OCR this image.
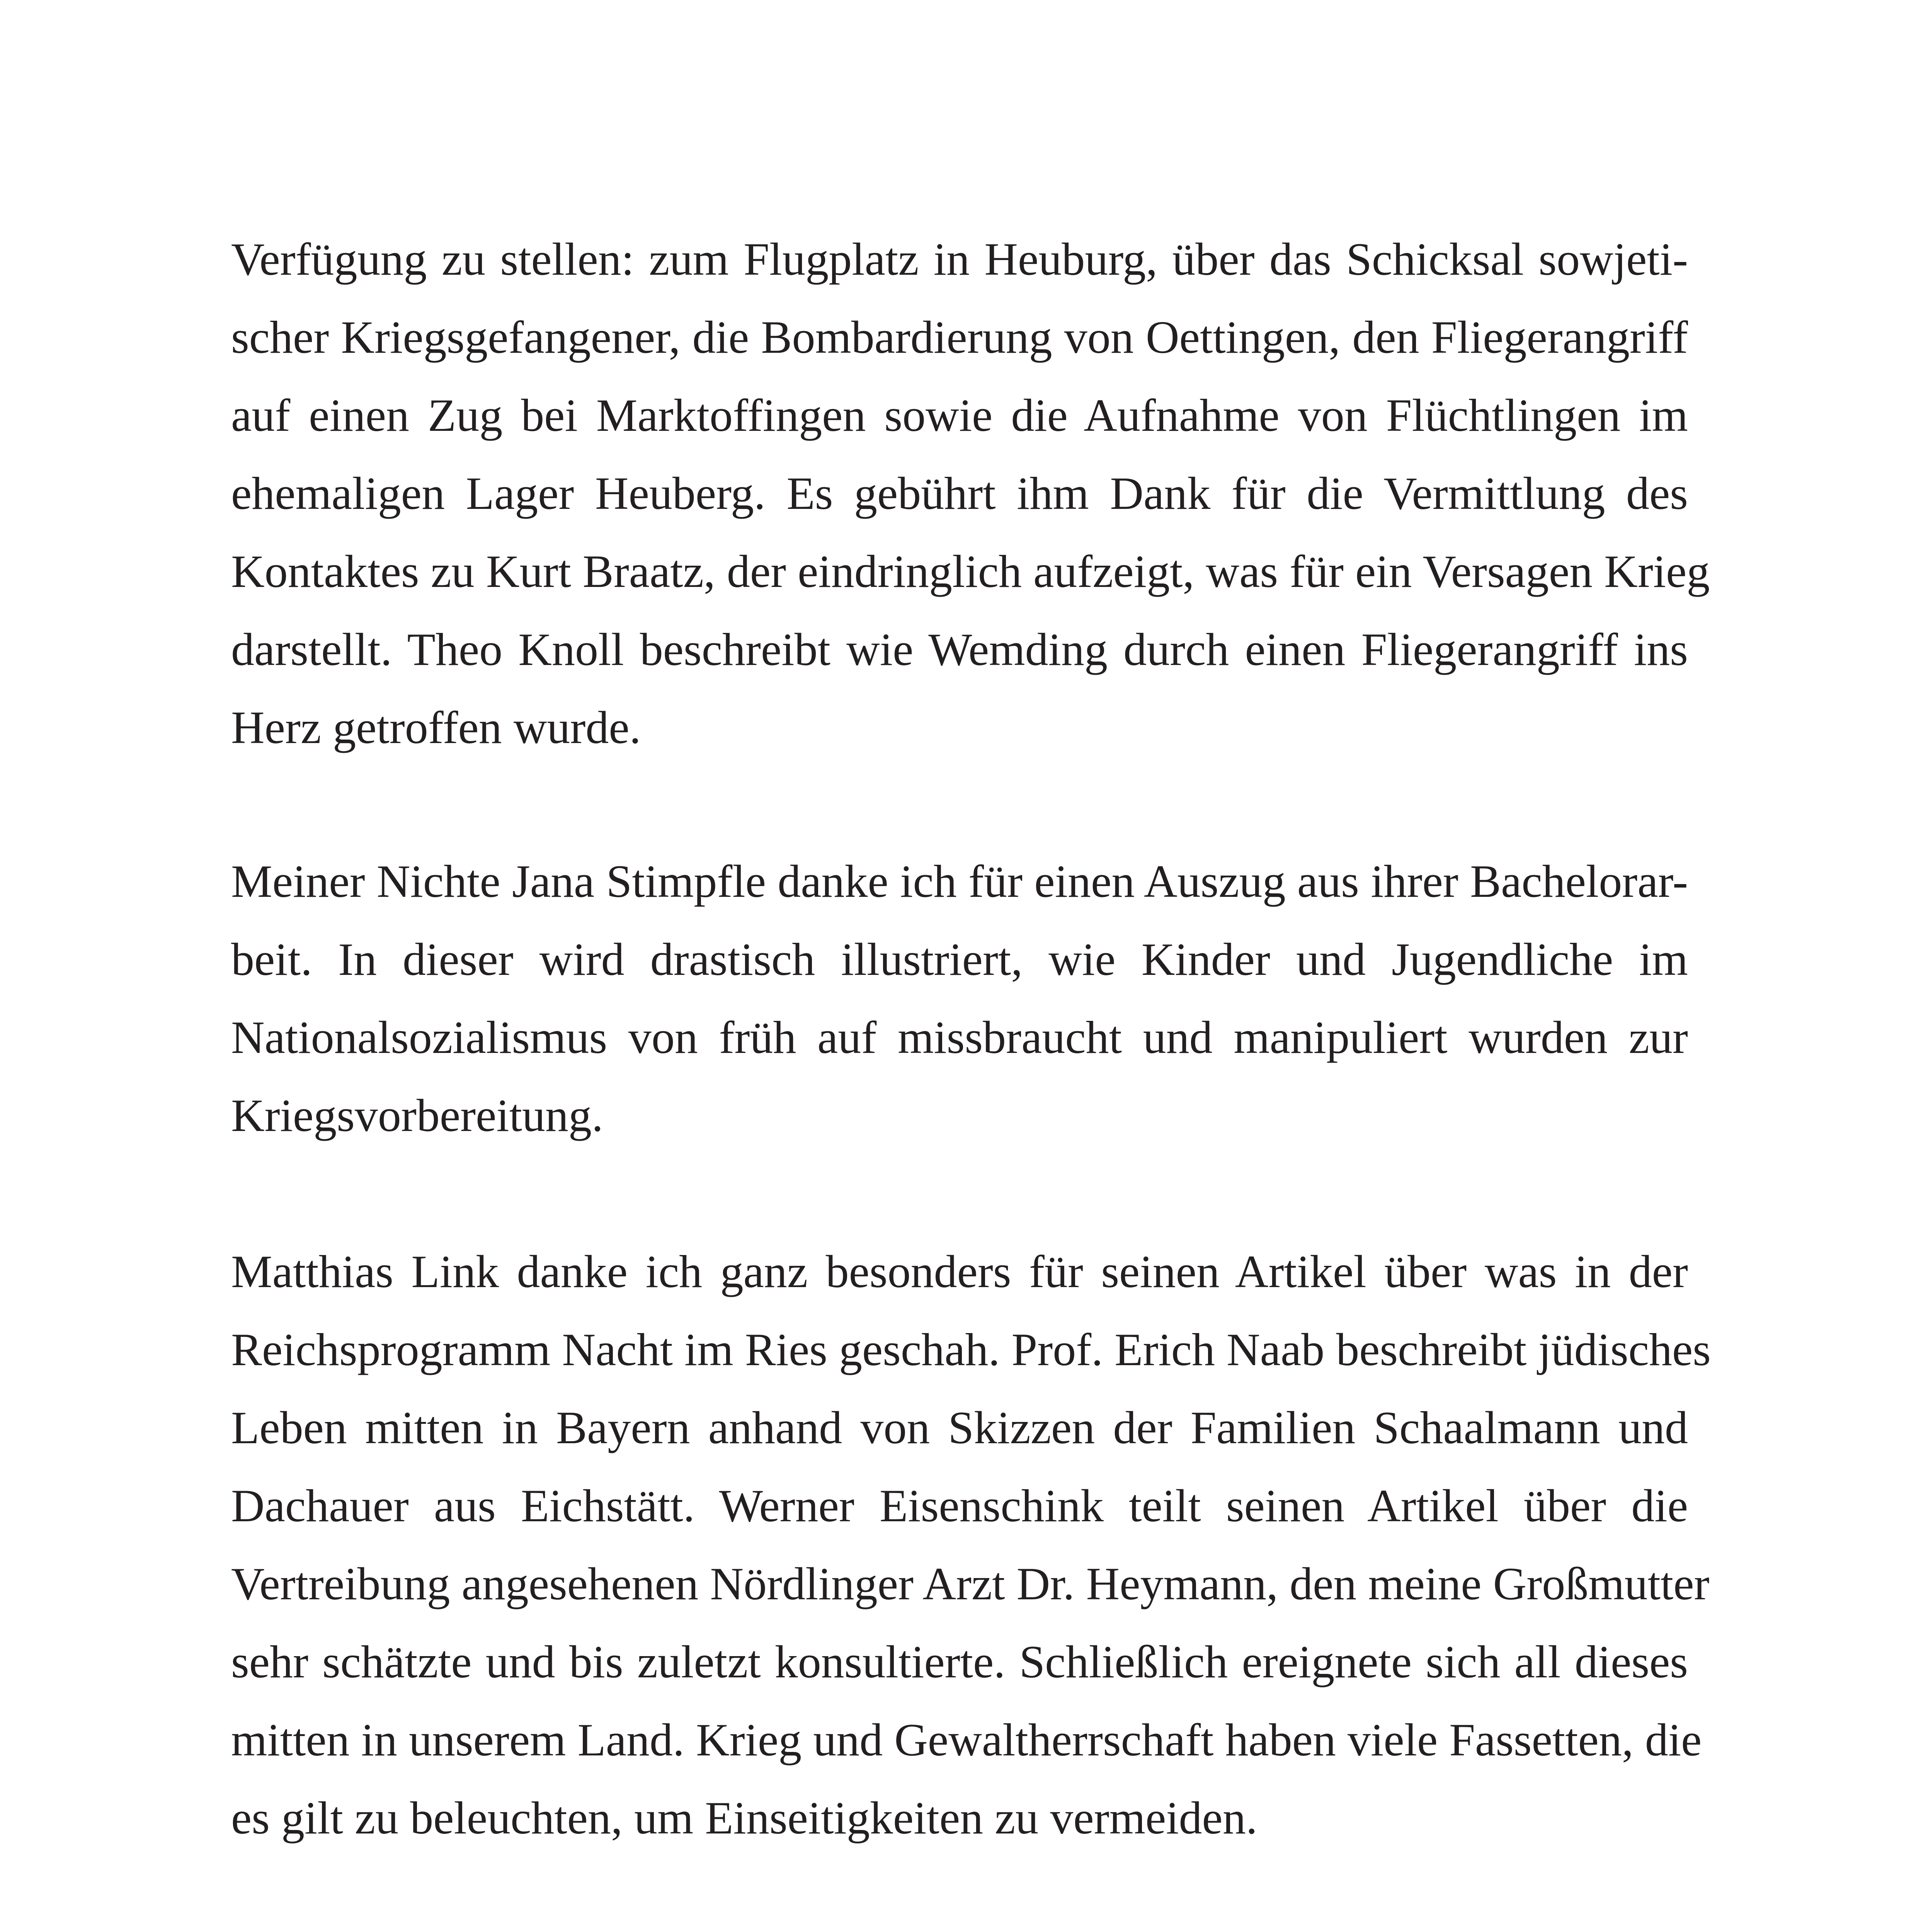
Verfügung zu stellen: zum Flugplatz in Heuburg, über das Schicksal sowjeti-
scher Kriegsgefangener, die Bombardierung von Oettingen, den Fliegerangriff
auf einen Zug bei Marktoffingen sowie die Aufnahme von Flüchtlingen im
ehemaligen Lager Heuberg. Es gebührt ihm Dank für die Vermittlung des
Kontaktes zu Kurt Braatz, der eindringlich aufzeigt, was für ein Versagen Krieg
darstellt. Theo Knoll beschreibt wie Wemding durch einen Fliegerangriff ins
Herz getroffen wurde.
Meiner Nichte Jana Stimpfle danke ich für einen Auszug aus ihrer Bachelorar-
beit. In dieser wird drastisch illustriert, wie Kinder und Jugendliche im
Nationalsozialismus von früh auf missbraucht und manipuliert wurden zur
Kriegsvorbereitung.
Matthias Link danke ich ganz besonders für seinen Artikel über was in der
Reichsprogramm Nacht im Ries geschah. Prof. Erich Naab beschreibt jüdisches
Leben mitten in Bayern anhand von Skizzen der Familien Schaalmann und
Dachauer aus Eichstätt. Werner Eisenschink teilt seinen Artikel über die
Vertreibung angesehenen Nördlinger Arzt Dr. Heymann, den meine Großmutter
sehr schätzte und bis zuletzt konsultierte. Schließlich ereignete sich all dieses
mitten in unserem Land. Krieg und Gewaltherrschaft haben viele Fassetten, die
es gilt zu beleuchten, um Einseitigkeiten zu vermeiden.
